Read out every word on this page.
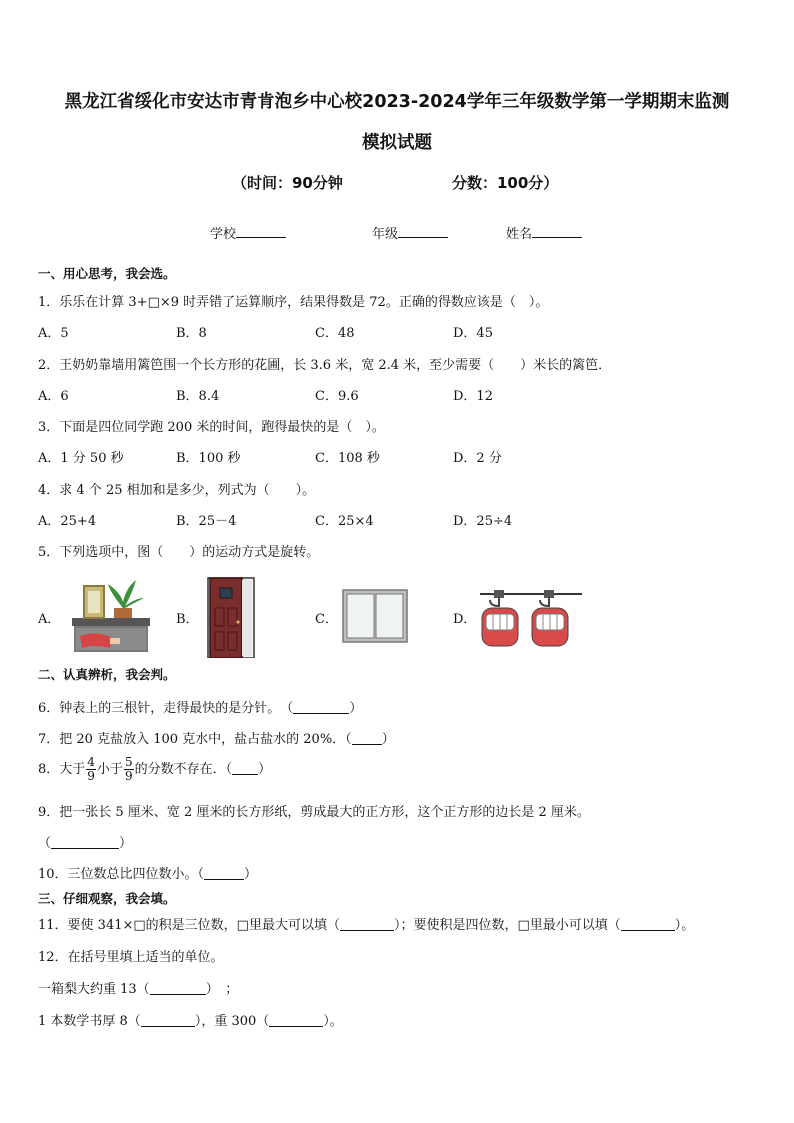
黑龙江省绥化市安达市青肯泡乡中心校2023-2024学年三年级数学第一学期期末监测
模拟试题
（时间：90分钟	分数：100分）
学校	年级	姓名
一、用心思考，我会选。
1．乐乐在计算 3+□×9 时弄错了运算顺序，结果得数是 72。正确的得数应该是（　）。
A．5	B．8	C．48	D．45
2．王奶奶靠墙用篱笆围一个长方形的花圃，长 3.6 米，宽 2.4 米，至少需要（　　）米长的篱笆．
A．6	B．8.4	C．9.6	D．12
3．下面是四位同学跑 200 米的时间，跑得最快的是（　）。
A．1 分 50 秒	B．100 秒	C．108 秒	D．2 分
4．求 4 个 25 相加和是多少，列式为（　　）。
A．25+4	B．25－4	C．25×4	D．25÷4
5．下列选项中，图（　　）的运动方式是旋转。
A．	B．	C．	D．
二、认真辨析，我会判。
6．钟表上的三根针，走得最快的是分针。　（	）
7．把 20 克盐放入 100 克水中，盐占盐水的 20%．（ ）
8．大于 $\frac{4}{9}$ 小于 $\frac{5}{9}$ 的分数不存在．（ ）
9．把一张长 5 厘米、宽 2 厘米的长方形纸，剪成最大的正方形，这个正方形的边长是 2 厘米。
（	）
10．三位数总比四位数小。（	）
三、仔细观察，我会填。
11．要使 341×□的积是三位数，□里最大可以填（	）；要使积是四位数，□里最小可以填（	）。
12．在括号里填上适当的单位。
一箱梨大约重 13（	）　；
1 本数学书厚 8（	），重 300（	）。
